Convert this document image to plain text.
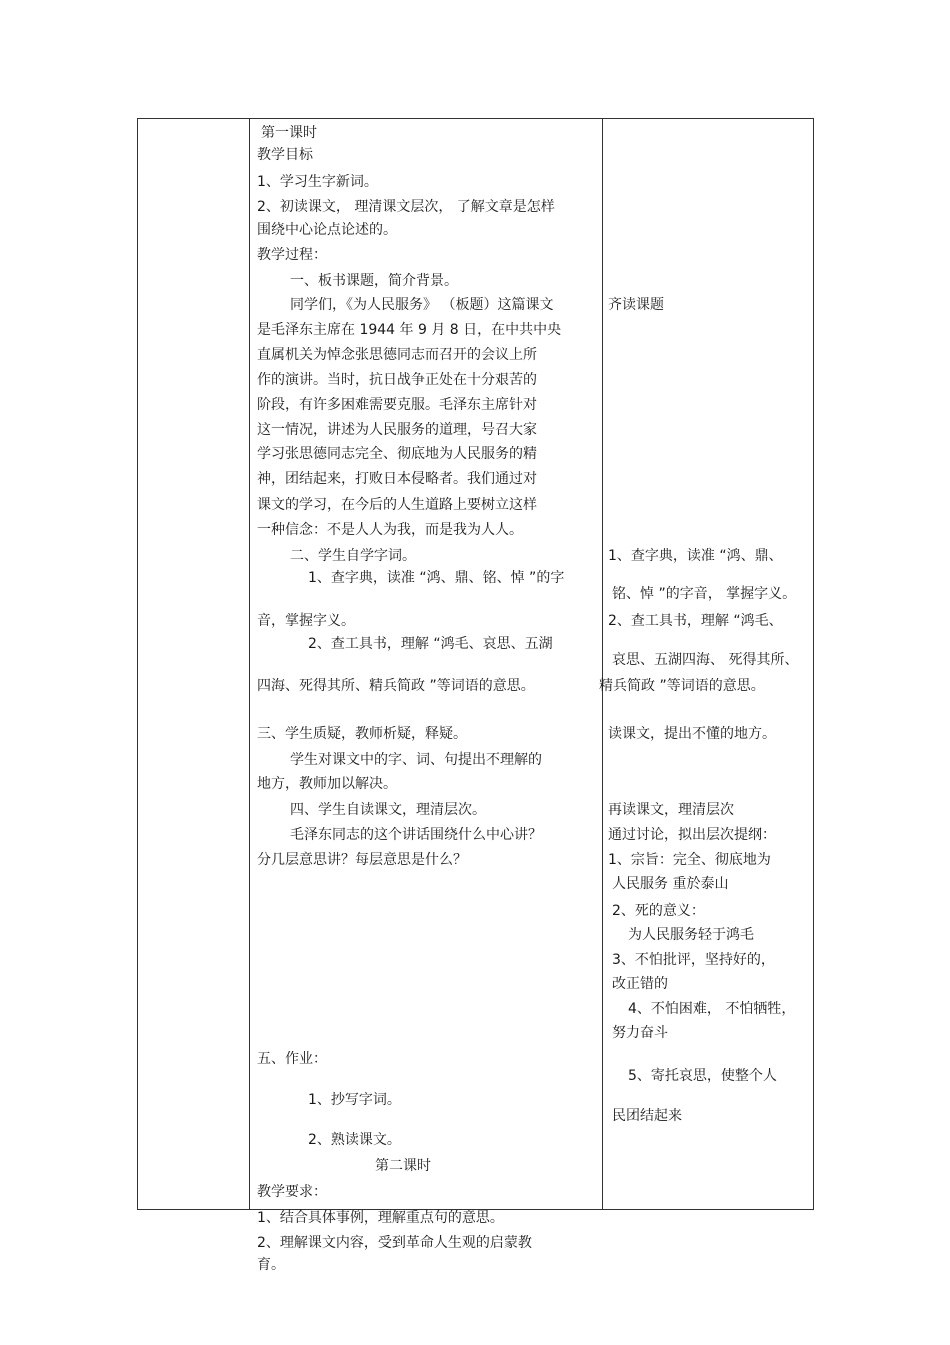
第一课时

教学目标

1、学习生字新词。

2、初读课文， 理清课文层次， 了解文章是怎样

围绕中心论点论述的。

教学过程：

一、板书课题，简介背景。

同学们，《为人民服务》 （板题）这篇课文

是毛泽东主席在 1944 年 9 月 8 日，在中共中央

直属机关为悼念张思德同志而召开的会议上所

作的演讲。当时，抗日战争正处在十分艰苦的

阶段，有许多困难需要克服。毛泽东主席针对

这一情况，讲述为人民服务的道理，号召大家

学习张思德同志完全、彻底地为人民服务的精

神，团结起来，打败日本侵略者。我们通过对

课文的学习，在今后的人生道路上要树立这样

一种信念：不是人人为我，而是我为人人。

二、学生自学字词。

1、查字典，读准 “鸿、鼎、铭、悼 ”的字

音，掌握字义。

2、查工具书，理解 “鸿毛、哀思、五湖

四海、死得其所、精兵简政 ”等词语的意思。

三、学生质疑，教师析疑，释疑。

学生对课文中的字、词、句提出不理解的

地方，教师加以解决。

四、学生自读课文，理清层次。

毛泽东同志的这个讲话围绕什么中心讲？

分几层意思讲？每层意思是什么？

五、作业：

1、抄写字词。

2、熟读课文。

第二课时

教学要求：

1、结合具体事例，理解重点句的意思。

2、理解课文内容，受到革命人生观的启蒙教

育。

齐读课题

1、查字典，读准 “鸿、鼎、

铭、悼 ”的字音， 掌握字义。

2、查工具书，理解 “鸿毛、

哀思、五湖四海、 死得其所、

精兵简政 ”等词语的意思。

读课文，提出不懂的地方。

再读课文，理清层次

通过讨论，拟出层次提纲：

1、宗旨：完全、彻底地为

人民服务 重於泰山

2、死的意义：

为人民服务轻于鸿毛

3、不怕批评，坚持好的，

改正错的

4、不怕困难， 不怕牺牲，

努力奋斗

5、寄托哀思，使整个人

民团结起来
